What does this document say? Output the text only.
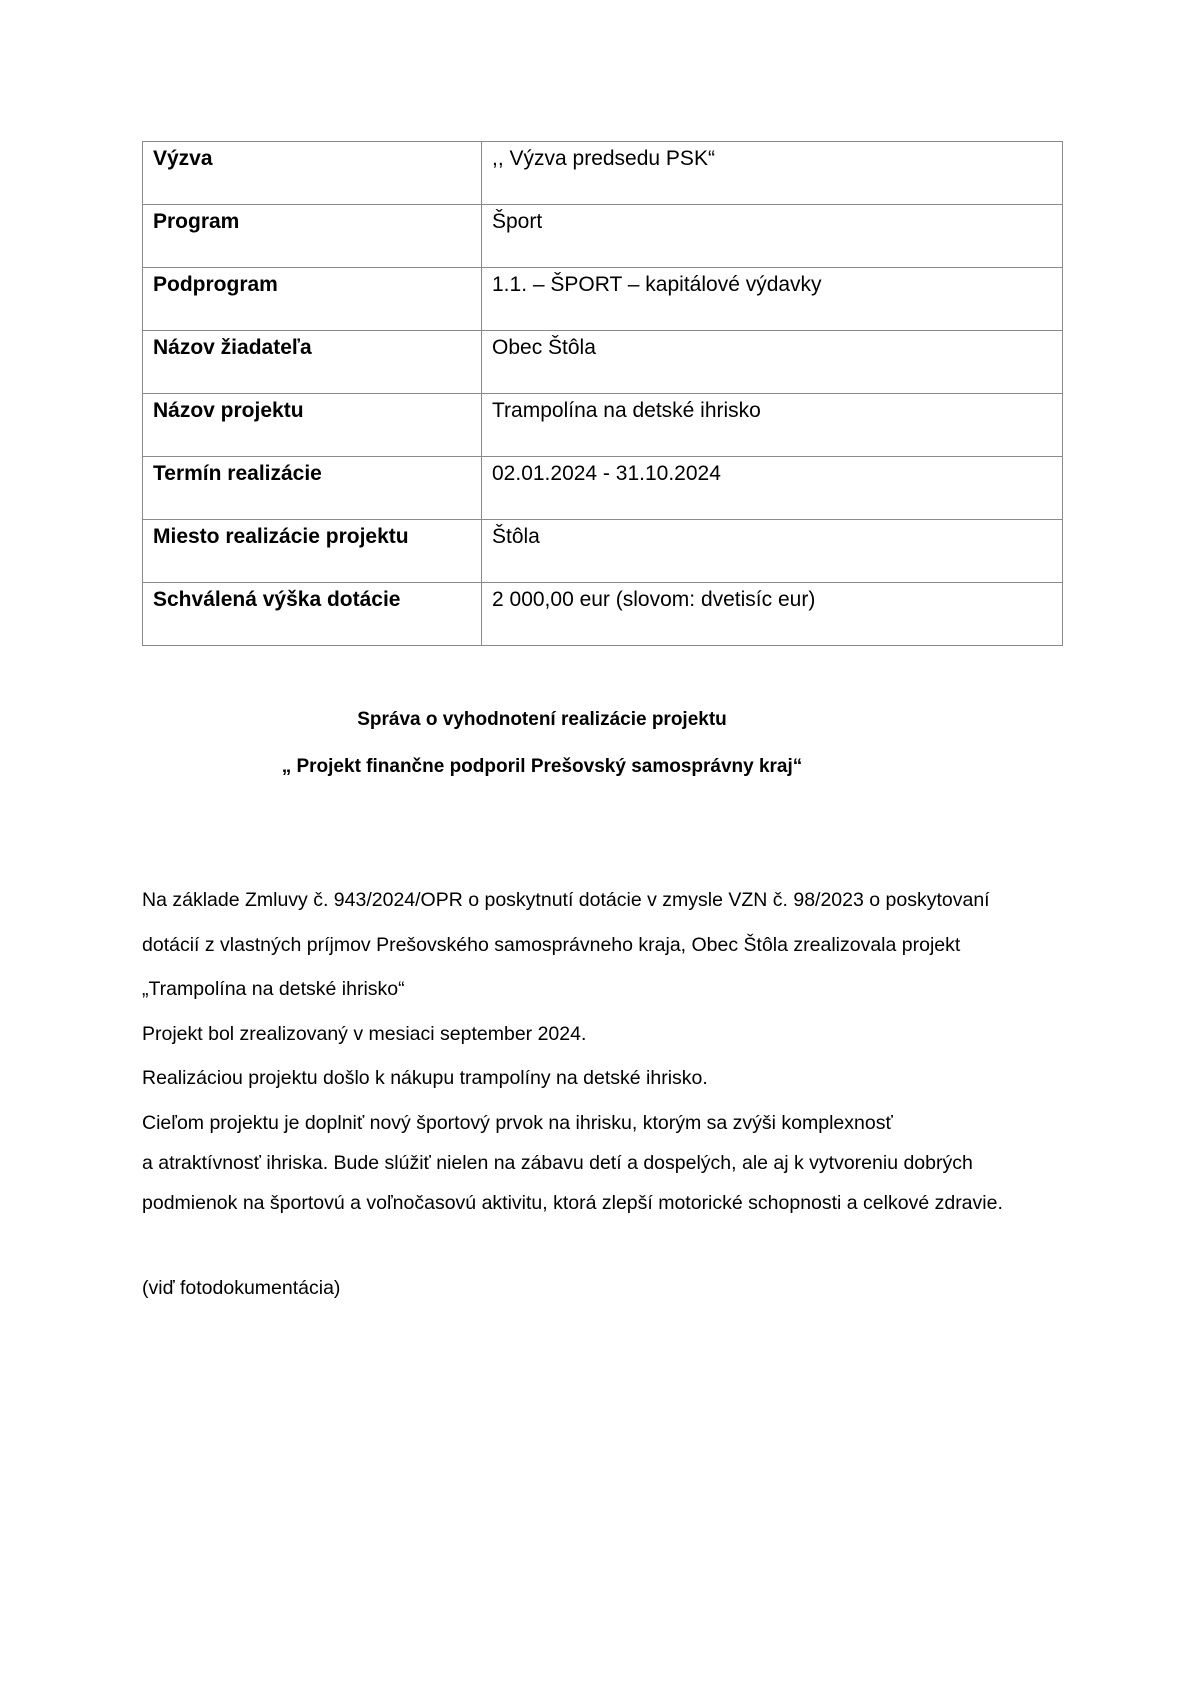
Výzva	,, Výzva predsedu PSK“
Program	Šport
Podprogram	1.1. – ŠPORT – kapitálové výdavky
Názov žiadateľa	Obec Štôla
Názov projektu	Trampolína na detské ihrisko
Termín realizácie	02.01.2024 - 31.10.2024
Miesto realizácie projektu	Štôla
Schválená výška dotácie	2 000,00 eur (slovom: dvetisíc eur)
Správa o vyhodnotení realizácie projektu
„ Projekt finančne podporil Prešovský samosprávny kraj“
Na základe Zmluvy č. 943/2024/OPR o poskytnutí dotácie v zmysle VZN č. 98/2023 o poskytovaní
dotácií z vlastných príjmov Prešovského samosprávneho kraja, Obec Štôla zrealizovala projekt
„Trampolína na detské ihrisko“
Projekt bol zrealizovaný v mesiaci september 2024.
Realizáciou projektu došlo k nákupu trampolíny na detské ihrisko.
Cieľom projektu je doplniť nový športový prvok na ihrisku, ktorým sa zvýši komplexnosť
a atraktívnosť ihriska. Bude slúžiť nielen na zábavu detí a dospelých, ale aj k vytvoreniu dobrých
podmienok na športovú a voľnočasovú aktivitu, ktorá zlepší motorické schopnosti a celkové zdravie.
(viď fotodokumentácia)
